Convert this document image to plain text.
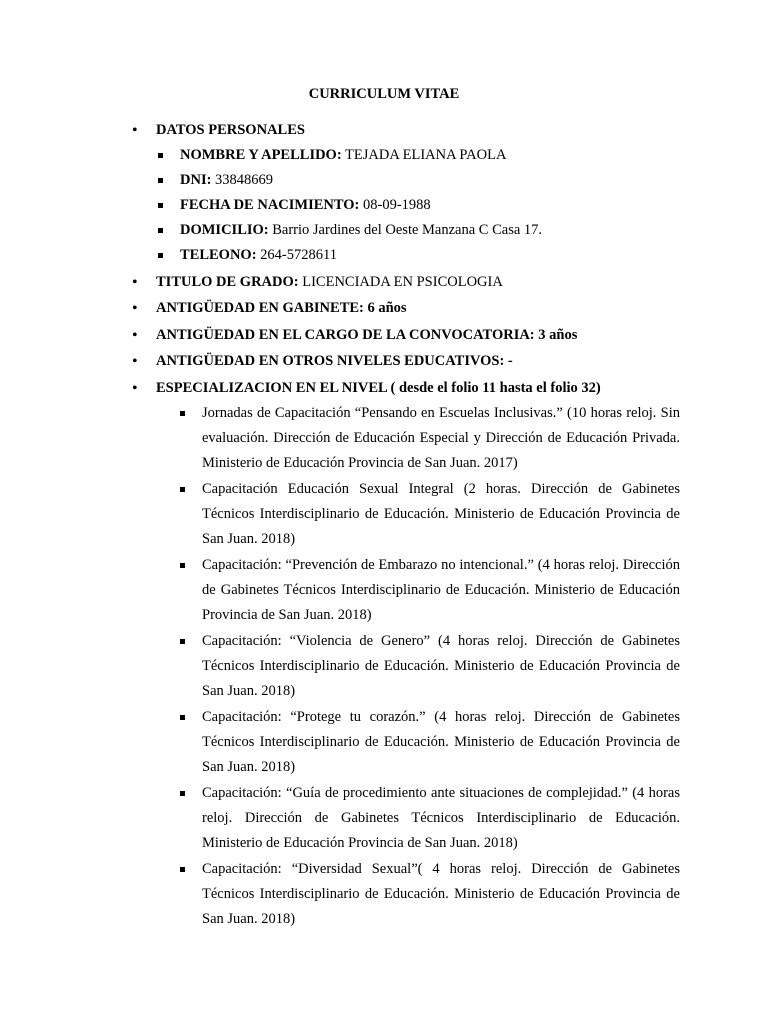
CURRICULUM VITAE
• DATOS PERSONALES
NOMBRE Y APELLIDO: TEJADA ELIANA PAOLA
DNI: 33848669
FECHA DE NACIMIENTO: 08-09-1988
DOMICILIO: Barrio Jardines del Oeste Manzana C Casa 17.
TELEONO: 264-5728611
• TITULO DE GRADO: LICENCIADA EN PSICOLOGIA
• ANTIGÜEDAD EN GABINETE: 6 años
• ANTIGÜEDAD EN EL CARGO DE LA CONVOCATORIA: 3 años
• ANTIGÜEDAD EN OTROS NIVELES EDUCATIVOS: -
• ESPECIALIZACION EN EL NIVEL ( desde el folio 11 hasta el folio 32)
Jornadas de Capacitación “Pensando en Escuelas Inclusivas.” (10 horas reloj. Sin evaluación. Dirección de Educación Especial y Dirección de Educación Privada. Ministerio de Educación Provincia de San Juan. 2017)
Capacitación Educación Sexual Integral (2 horas. Dirección de Gabinetes Técnicos Interdisciplinario de Educación. Ministerio de Educación Provincia de San Juan. 2018)
Capacitación: “Prevención de Embarazo no intencional.” (4 horas reloj. Dirección de Gabinetes Técnicos Interdisciplinario de Educación. Ministerio de Educación Provincia de San Juan. 2018)
Capacitación: “Violencia de Genero” (4 horas reloj. Dirección de Gabinetes Técnicos Interdisciplinario de Educación. Ministerio de Educación Provincia de San Juan. 2018)
Capacitación: “Protege tu corazón.” (4 horas reloj. Dirección de Gabinetes Técnicos Interdisciplinario de Educación. Ministerio de Educación Provincia de San Juan. 2018)
Capacitación: “Guía de procedimiento ante situaciones de complejidad.” (4 horas reloj. Dirección de Gabinetes Técnicos Interdisciplinario de Educación. Ministerio de Educación Provincia de San Juan. 2018)
Capacitación: “Diversidad Sexual”( 4 horas reloj. Dirección de Gabinetes Técnicos Interdisciplinario de Educación. Ministerio de Educación Provincia de San Juan. 2018)
